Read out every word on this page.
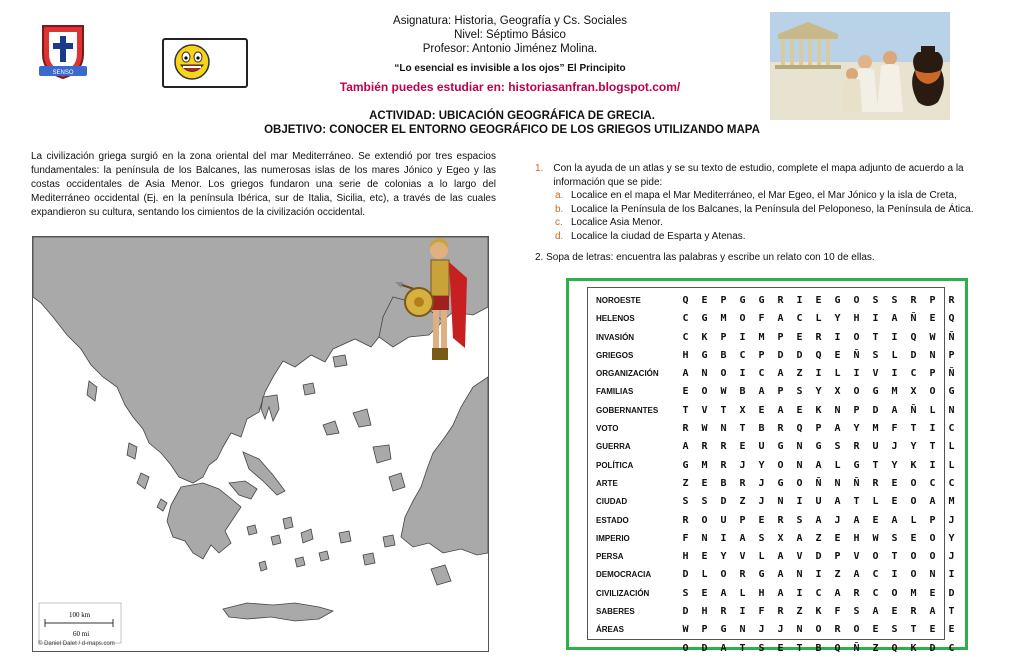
SENSO
Asignatura: Historia, Geografía y Cs. Sociales
Nivel: Séptimo Básico
Profesor: Antonio Jiménez Molina.
“Lo esencial es invisible a los ojos” El Principito
También puedes estudiar en: historiasanfran.blogspot.com/
ACTIVIDAD: UBICACIÓN GEOGRÁFICA DE GRECIA.
OBJETIVO: CONOCER EL ENTORNO GEOGRÁFICO DE LOS GRIEGOS UTILIZANDO MAPA
La civilización griega surgió en la zona oriental del mar Mediterráneo. Se extendió por tres espacios fundamentales: la península de los Balcanes, las numerosas islas de los mares Jónico y Egeo y las costas occidentales de Asia Menor. Los griegos fundaron una serie de colonias a lo largo del Mediterráneo occidental (Ej. en la península Ibérica, sur de Italia, Sicilia, etc), a través de las cuales expandieron su cultura, sentando los cimientos de la civilización occidental.
1. Con la ayuda de un atlas y se su texto de estudio, complete el mapa adjunto de acuerdo a la información que se pide:
a. Localice en el mapa el Mar Mediterráneo, el Mar Egeo, el Mar Jónico y la isla de Creta,
b. Localice la Península de los Balcanes, la Península del Peloponeso, la Península de Ática.
c. Localice Asia Menor.
d. Localice la ciudad de Esparta y Atenas.
2. Sopa de letras: encuentra las palabras y escribe un relato con 10 de ellas.
100 km
60 mi
© Daniel Dalet / d-maps.com
NOROESTE
HELENOS
INVASIÓN
GRIEGOS
ORGANIZACIÓN
FAMILIAS
GOBERNANTES
VOTO
GUERRA
POLÍTICA
ARTE
CIUDAD
ESTADO
IMPERIO
PERSA
DEMOCRACIA
CIVILIZACIÓN
SABERES
ÁREAS
Q	E	P	G	G	R	I	E	G	O	S	S	R	P	R
C	G	M	O	F	A	C	L	Y	H	I	A	Ñ	E	Q
C	K	P	I	M	P	E	R	I	O	T	I	Q	W	Ñ
H	G	B	C	P	D	D	Q	E	Ñ	S	L	D	N	P
A	N	O	I	C	A	Z	I	L	I	V	I	C	P	Ñ
E	O	W	B	A	P	S	Y	X	O	G	M	X	O	G
T	V	T	X	E	A	E	K	N	P	D	A	Ñ	L	N
R	W	N	T	B	R	Q	P	A	Y	M	F	T	I	C
A	R	R	E	U	G	N	G	S	R	U	J	Y	T	L
G	M	R	J	Y	O	N	A	L	G	T	Y	K	I	L
Z	E	B	R	J	G	O	Ñ	N	Ñ	R	E	O	C	C
S	S	D	Z	J	N	I	U	A	T	L	E	O	A	M
R	O	U	P	E	R	S	A	J	A	E	A	L	P	J
F	N	I	A	S	X	A	Z	E	H	W	S	E	O	Y
H	E	Y	V	L	A	V	D	P	V	O	T	O	O	J
D	L	O	R	G	A	N	I	Z	A	C	I	O	N	I
S	E	A	L	H	A	I	C	A	R	C	O	M	E	D
D	H	R	I	F	R	Z	K	F	S	A	E	R	A	T
W	P	G	N	J	J	N	O	R	O	E	S	T	E	E
O	D	A	T	S	E	T	B	Q	Ñ	Z	Q	K	D	C
